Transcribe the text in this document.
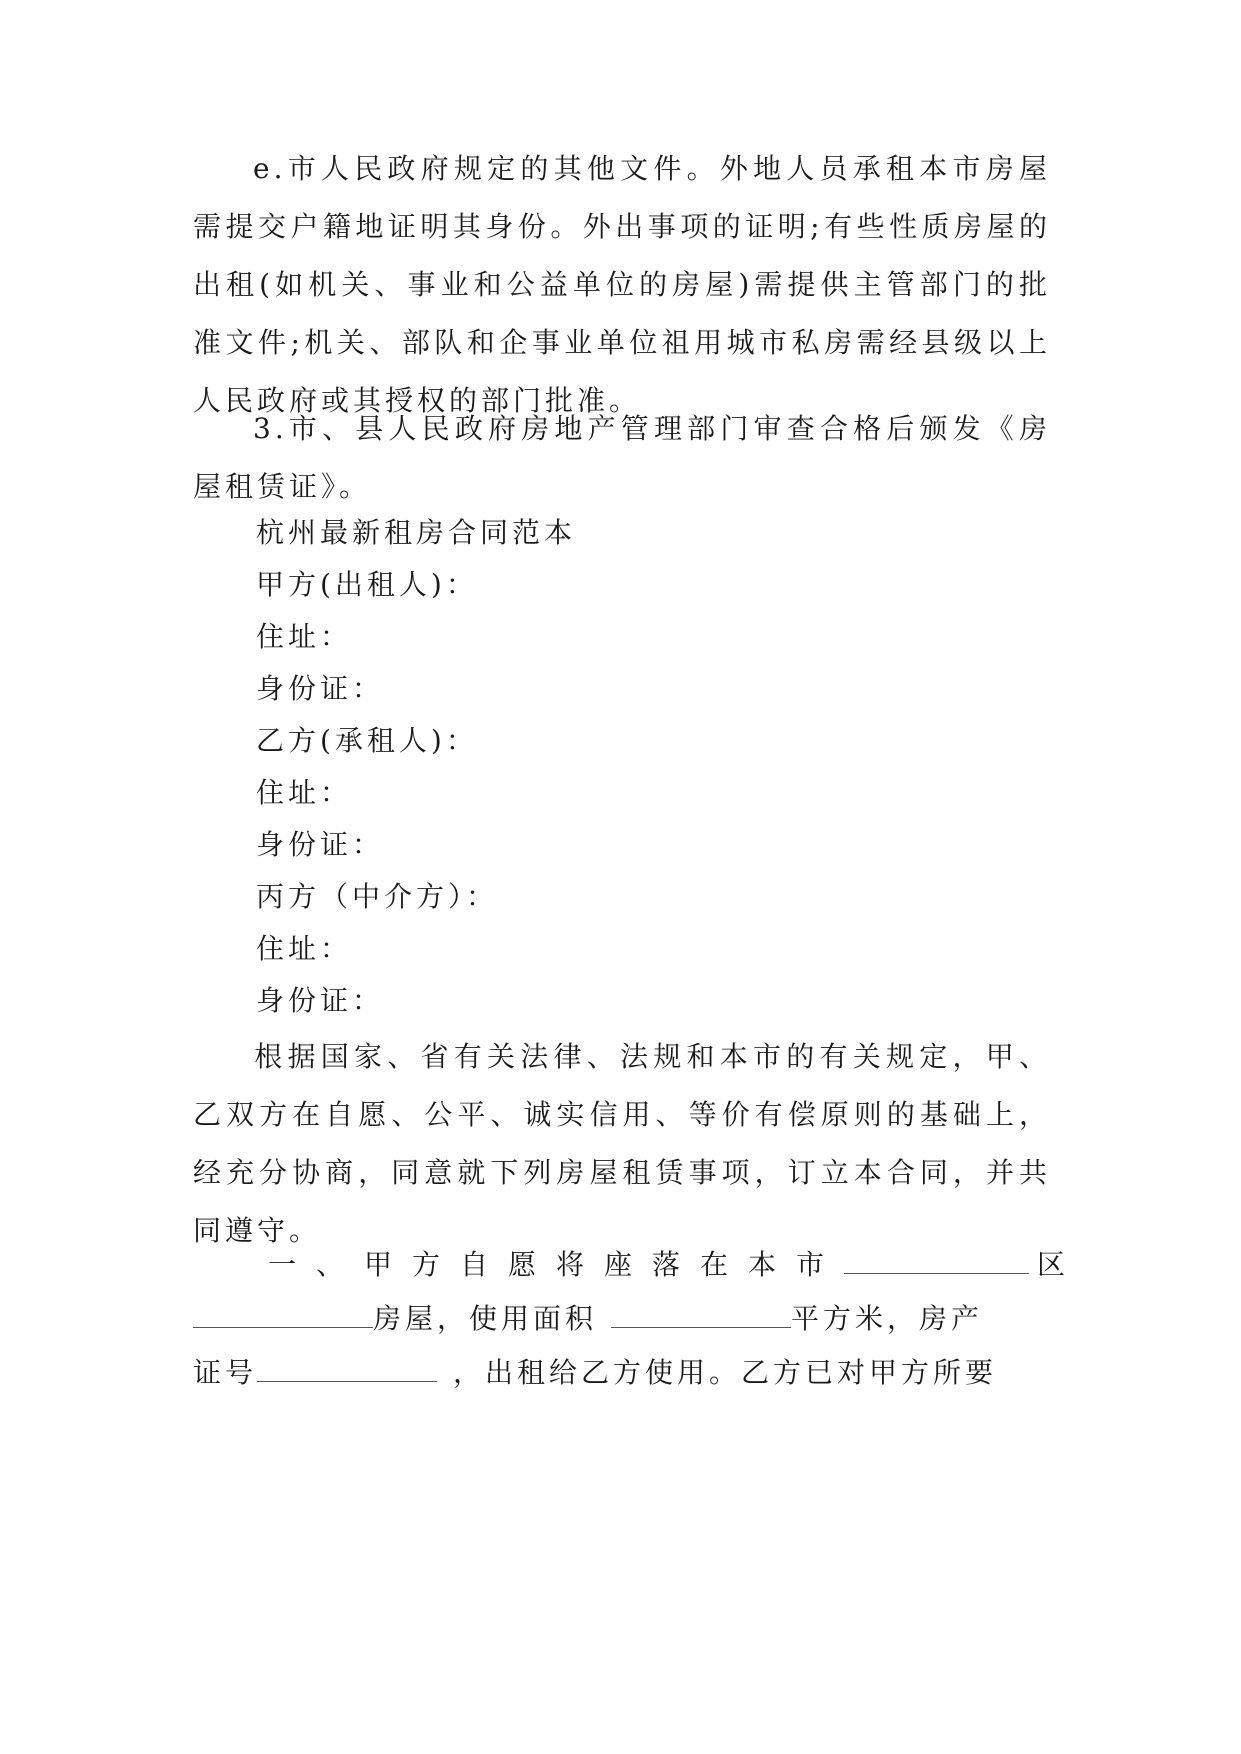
e.市人民政府规定的其他文件。外地人员承租本市房屋需提交户籍地证明其身份。外出事项的证明;有些性质房屋的出租(如机关、事业和公益单位的房屋)需提供主管部门的批准文件;机关、部队和企事业单位祖用城市私房需经县级以上人民政府或其授权的部门批准。
3.市、县人民政府房地产管理部门审查合格后颁发《房屋租赁证》。
杭州最新租房合同范本
甲方(出租人)：
住址：
身份证：
乙方(承租人)：
住址：
身份证：
丙方（中介方）：
住址：
身份证：
根据国家、省有关法律、法规和本市的有关规定，甲、乙双方在自愿、公平、诚实信用、等价有偿原则的基础上，经充分协商，同意就下列房屋租赁事项，订立本合同，并共同遵守。
一、甲方自愿将座落在本市	区
房屋，使用面积	平方米，房产
证号	，出租给乙方使用。乙方已对甲方所要
